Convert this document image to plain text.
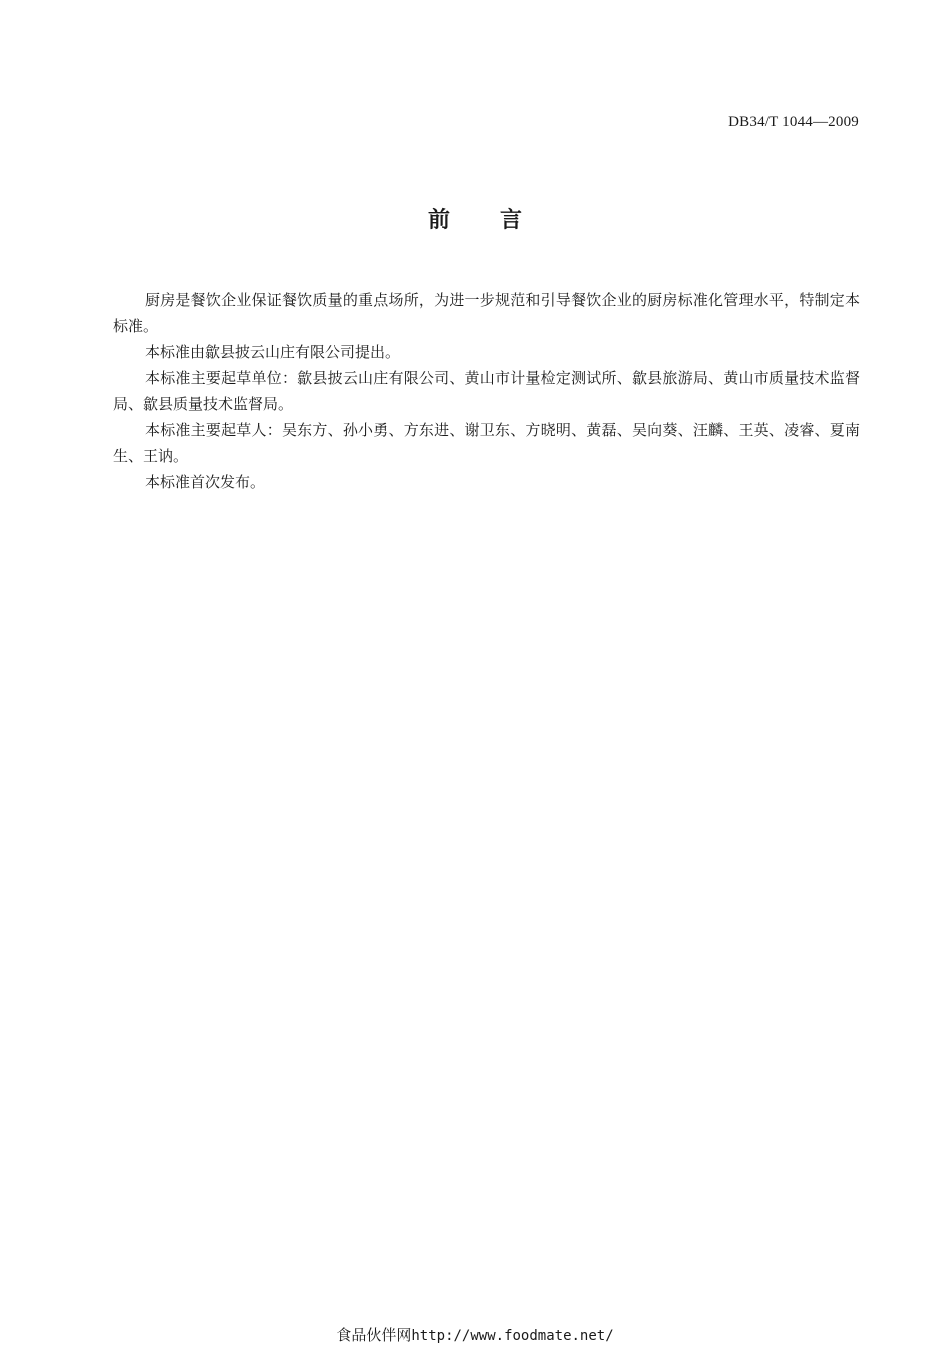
DB34/T 1044—2009
前 言

厨房是餐饮企业保证餐饮质量的重点场所，为进一步规范和引导餐饮企业的厨房标准化管理水平，特制定本标准。

本标准由歙县披云山庄有限公司提出。

本标准主要起草单位：歙县披云山庄有限公司、黄山市计量检定测试所、歙县旅游局、黄山市质量技术监督局、歙县质量技术监督局。

本标准主要起草人：吴东方、孙小勇、方东进、谢卫东、方晓明、黄磊、吴向葵、汪麟、王英、凌睿、夏南生、王讷。

本标准首次发布。

食品伙伴网http://www.foodmate.net/
